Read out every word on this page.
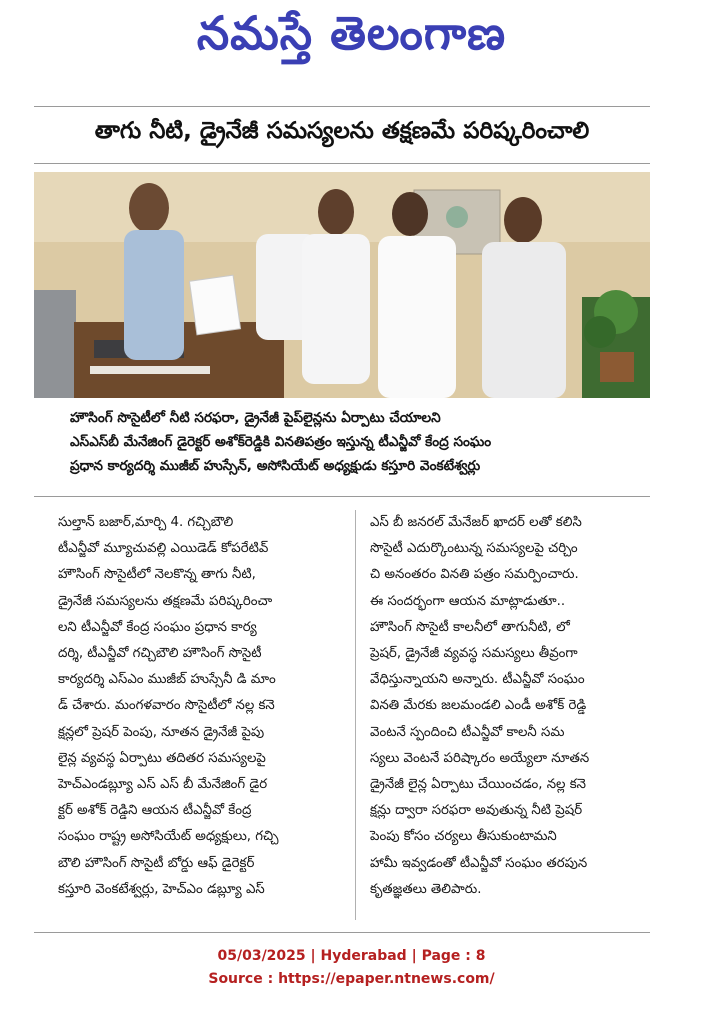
నమస్తే తెలంగాణ
తాగు నీటి, డ్రైనేజీ సమస్యలను తక్షణమే పరిష్కరించాలి
హౌసింగ్ సొసైటీలో నీటి సరఫరా, డ్రైనేజీ పైప్‌లైన్లను ఏర్పాటు చేయాలని
ఎస్ఎస్‌బీ మేనేజింగ్ డైరెక్టర్ అశోక్‌రెడ్డికి వినతిపత్రం ఇస్తున్న టీఎన్జీవో కేంద్ర సంఘం
ప్రధాన కార్యదర్శి ముజీబ్ హుస్సేన్, అసోసియేట్ అధ్యక్షుడు కస్తూరి వెంకటేశ్వర్లు

సుల్తాన్ బజార్,మార్చి 4. గచ్చిబౌలి

టీఎన్జీవో మ్యూచువల్లి ఎయిడెడ్ కోపరేటివ్

హౌసింగ్ సొసైటీలో నెలకొన్న తాగు నీటి,

డ్రైనేజీ సమస్యలను తక్షణమే పరిష్కరించా

లని టీఎన్జీవో కేంద్ర సంఘం ప్రధాన కార్య

దర్శి, టీఎన్జీవో గచ్చిబౌలి హౌసింగ్ సొసైటీ

కార్యదర్శి ఎస్ఎం ముజీబ్ హుస్సేనీ డి మాం

డ్ చేశారు. మంగళవారం సొసైటీలో నల్ల కనె

క్షన్లలో ప్రెషర్ పెంపు, నూతన డ్రైనేజీ పైపు

లైన్ల వ్యవస్థ ఏర్పాటు తదితర సమస్యలపై

హెచ్ఎండబ్ల్యూ ఎస్ ఎస్ బీ మేనేజింగ్ డైర

క్టర్ అశోక్ రెడ్డిని ఆయన టీఎన్జీవో కేంద్ర

సంఘం రాష్ట్ర అసోసియేట్ అధ్యక్షులు, గచ్చి

బౌలి హౌసింగ్ సొసైటీ బోర్డు ఆఫ్ డైరెక్టర్

కస్తూరి వెంకటేశ్వర్లు, హెచ్ఎం డబ్ల్యూ ఎస్

ఎస్ బీ జనరల్ మేనేజర్ ఖాదర్ లతో కలిసి

సొసైటీ ఎదుర్కొంటున్న సమస్యలపై చర్చిం

చి అనంతరం వినతి పత్రం సమర్పించారు.

ఈ సందర్భంగా ఆయన మాట్లాడుతూ..

హౌసింగ్ సొసైటీ కాలనీలో తాగునీటి, లో

ప్రెషర్, డ్రైనేజీ వ్యవస్థ సమస్యలు తీవ్రంగా

వేధిస్తున్నాయని అన్నారు. టీఎన్జీవో సంఘం

వినతి మేరకు జలమండలి ఎండీ అశోక్ రెడ్డి

వెంటనే స్పందించి టీఎన్జీవో కాలనీ సమ

స్యలు వెంటనే పరిష్కారం అయ్యేలా నూతన

డ్రైనేజీ లైన్ల ఏర్పాటు చేయించడం, నల్ల కనె

క్షన్లు ద్వారా సరఫరా అవుతున్న నీటి ప్రెషర్

పెంపు కోసం చర్యలు తీసుకుంటామని

హామీ ఇవ్వడంతో టీఎన్జీవో సంఘం తరపున

కృతజ్ఞతలు తెలిపారు.

05/03/2025 | Hyderabad | Page : 8
Source : https://epaper.ntnews.com/
